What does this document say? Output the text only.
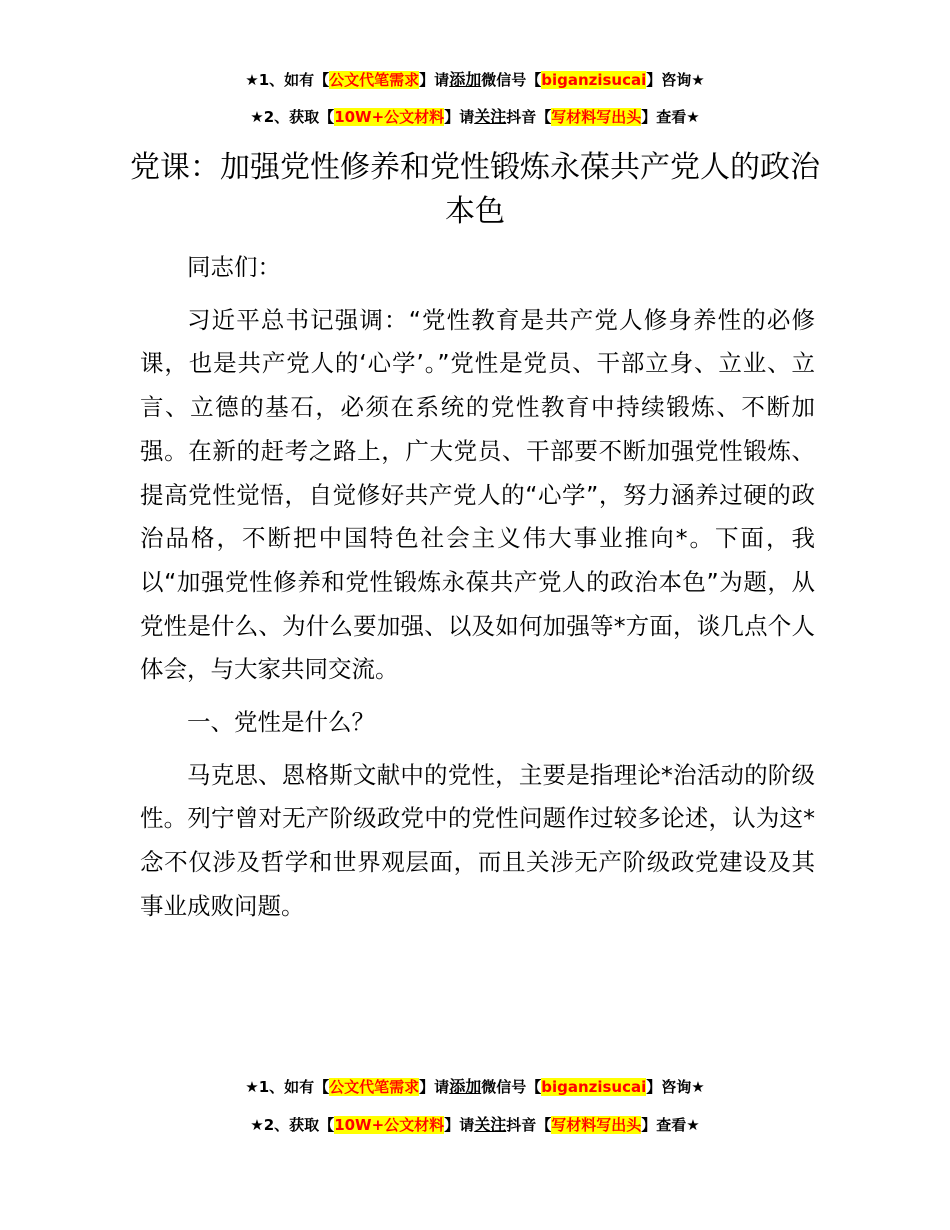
★1、如有【公文代笔需求】请添加微信号【biganzisucai】咨询★
★2、获取【10W+公文材料】请关注抖音【写材料写出头】查看★
党课：加强党性修养和党性锻炼永葆共产党人的政治本色

同志们：

习近平总书记强调：“党性教育是共产党人修身养性的必修课，也是共产党人的‘心学’。”党性是党员、干部立身、立业、立言、立德的基石，必须在系统的党性教育中持续锻炼、不断加强。在新的赶考之路上，广大党员、干部要不断加强党性锻炼、提高党性觉悟，自觉修好共产党人的“心学”，努力涵养过硬的政治品格，不断把中国特色社会主义伟大事业推向*。下面，我以“加强党性修养和党性锻炼永葆共产党人的政治本色”为题，从党性是什么、为什么要加强、以及如何加强等*方面，谈几点个人体会，与大家共同交流。

一、党性是什么？

马克思、恩格斯文献中的党性，主要是指理论*治活动的阶级性。列宁曾对无产阶级政党中的党性问题作过较多论述，认为这*念不仅涉及哲学和世界观层面，而且关涉无产阶级政党建设及其事业成败问题。

★1、如有【公文代笔需求】请添加微信号【biganzisucai】咨询★
★2、获取【10W+公文材料】请关注抖音【写材料写出头】查看★
